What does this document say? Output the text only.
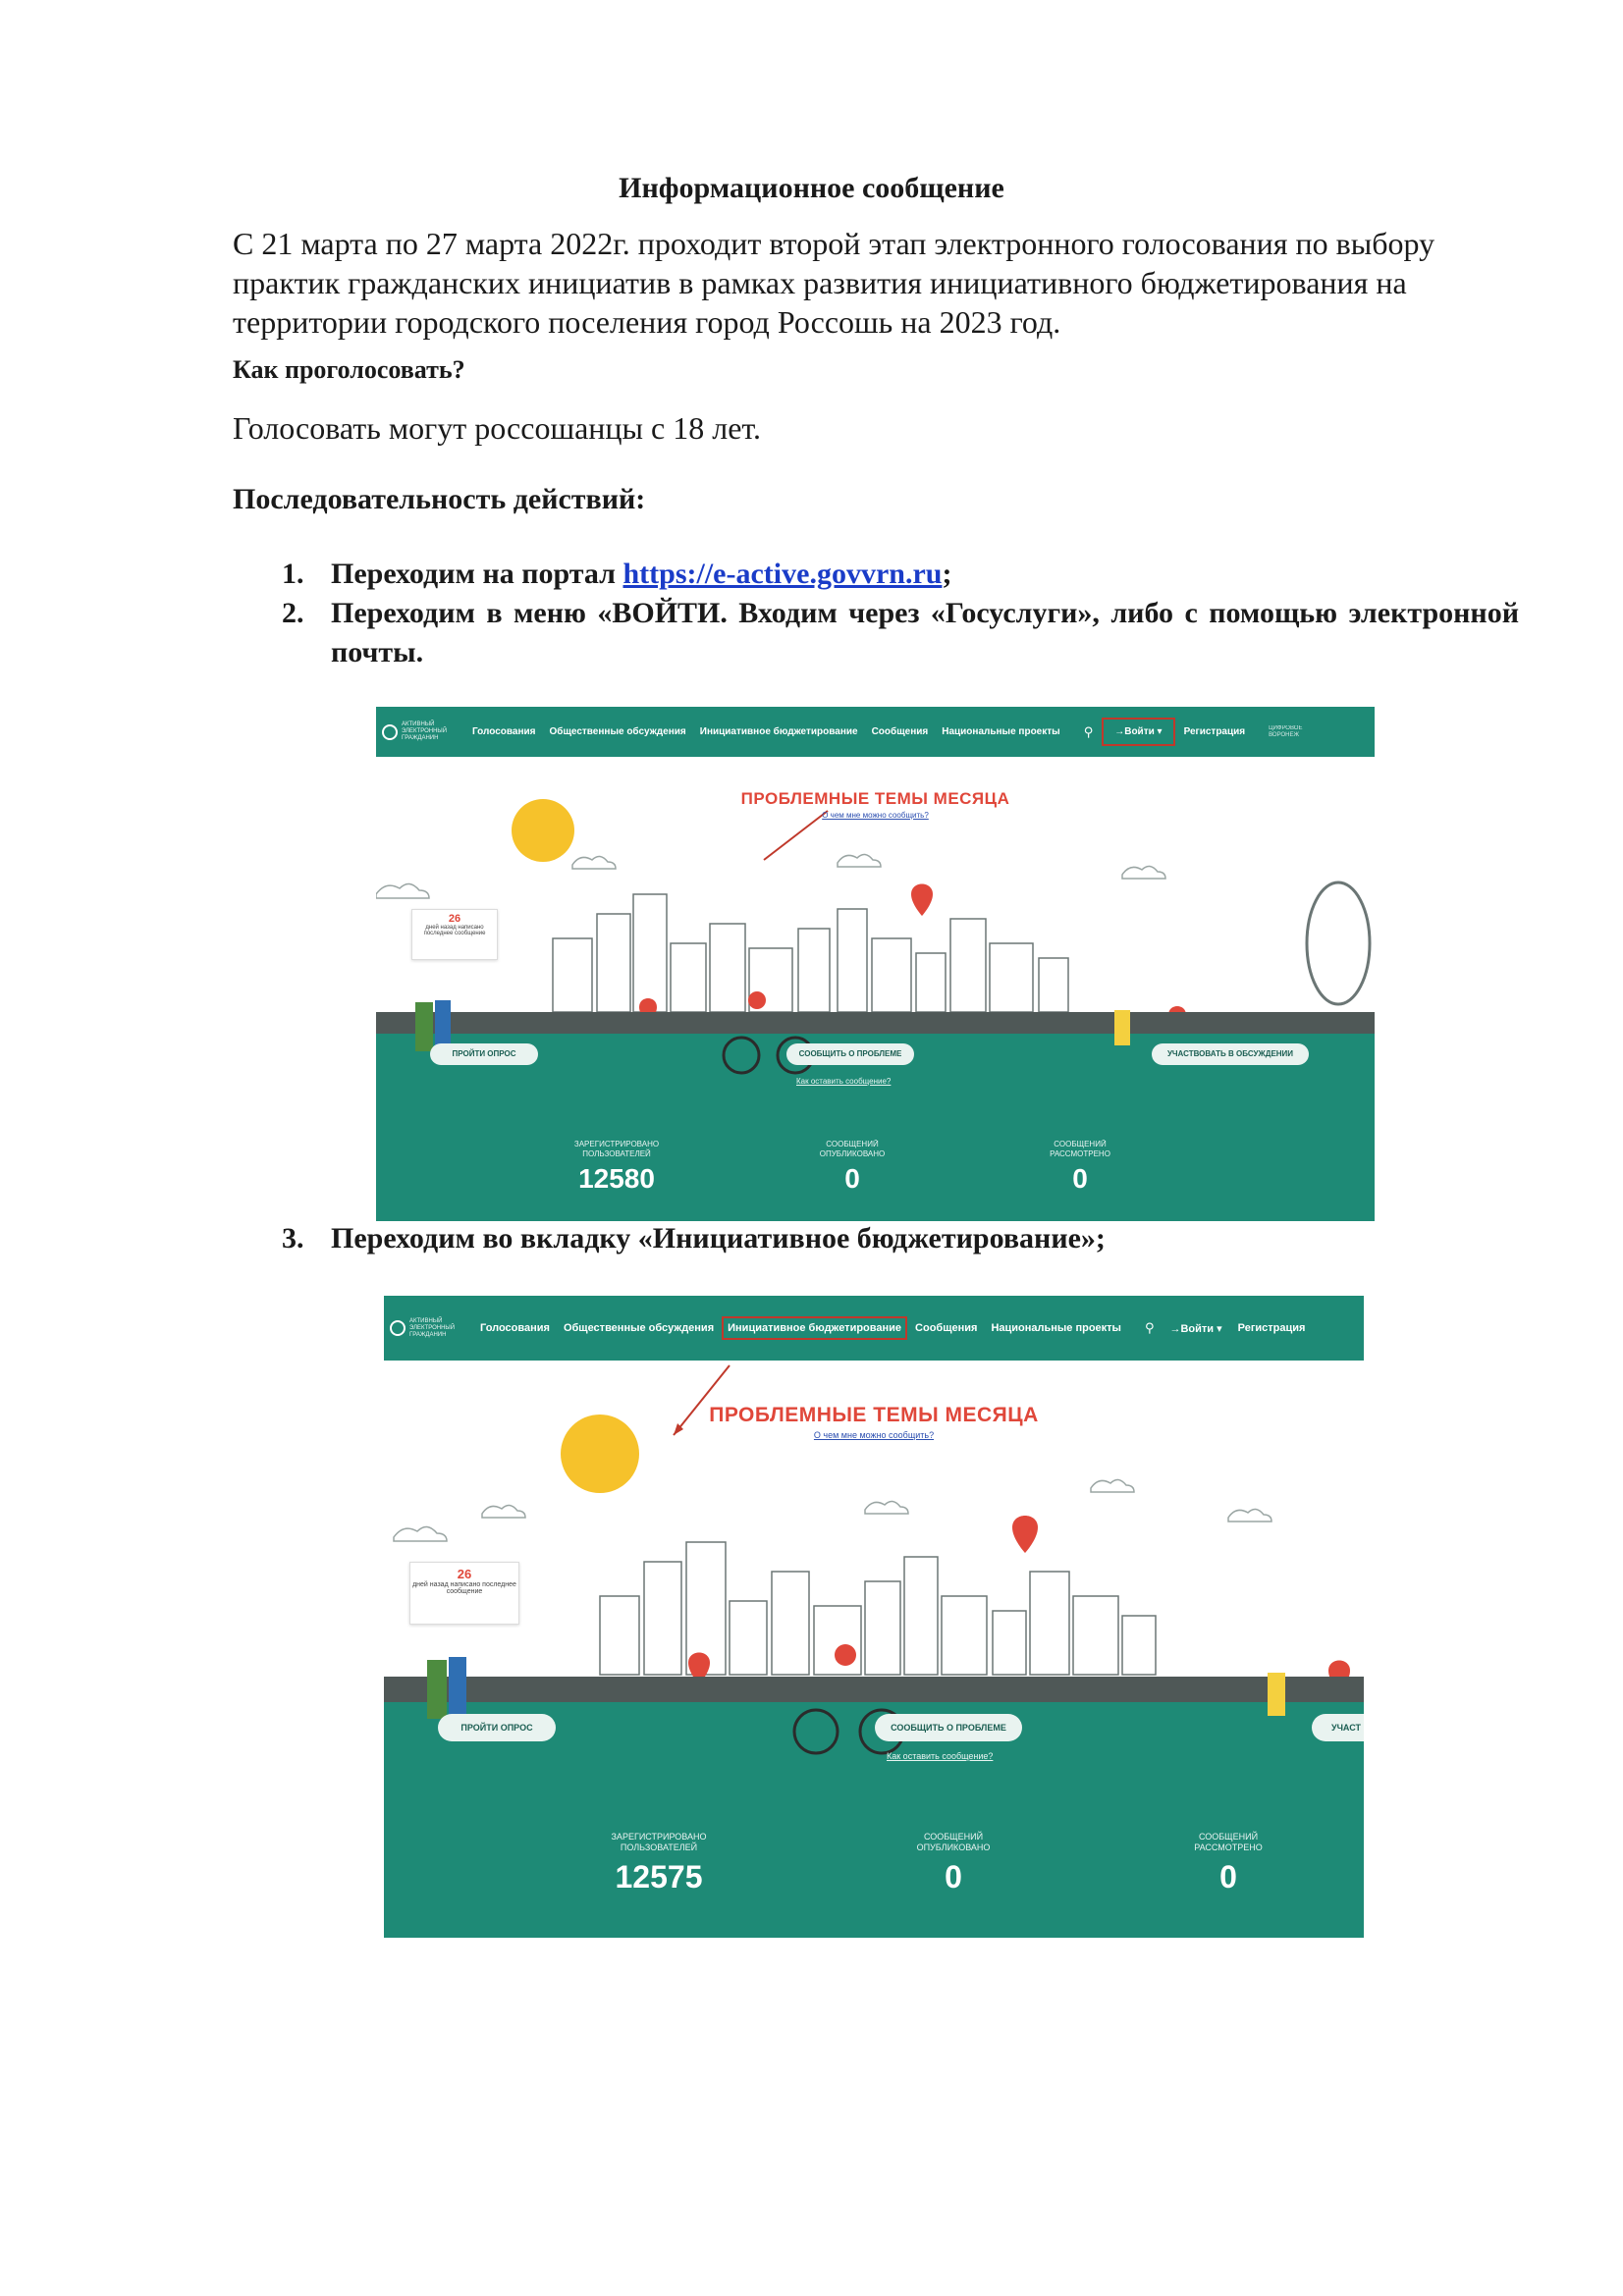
Информационное сообщение
С 21 марта по 27 марта 2022г. проходит второй этап электронного голосования по выбору практик гражданских инициатив в рамках развития инициативного бюджетирования на территории городского поселения город Россошь на 2023 год.
Как проголосовать?
Голосовать могут россошанцы с 18 лет.
Последовательность действий:
1. Переходим на портал https://e-active.govvrn.ru;
2. Переходим в меню «ВОЙТИ. Входим через «Госуслуги», либо с помощью электронной почты.
АКТИВНЫЙ ЭЛЕКТРОННЫЙ ГРАЖДАНИН
Голосования Общественные обсуждения Инициативное бюджетирование Сообщения Национальные проекты ⚲	→Войти ▾	Регистрация	ЦИФРОВОЕ ВОРОНЕЖ
ПРОБЛЕМНЫЕ ТЕМЫ МЕСЯЦА
О чем мне можно сообщить?
26
дней назад написано последнее сообщение
ПРОЙТИ ОПРОС	СООБЩИТЬ О ПРОБЛЕМЕ
Как оставить сообщение?
УЧАСТВОВАТЬ В ОБСУЖДЕНИИ
ЗАРЕГИСТРИРОВАНО ПОЛЬЗОВАТЕЛЕЙ
12580
СООБЩЕНИЙ ОПУБЛИКОВАНО
0
СООБЩЕНИЙ РАССМОТРЕНО
0
3. Переходим во вкладку «Инициативное бюджетирование»;
АКТИВНЫЙ ЭЛЕКТРОННЫЙ ГРАЖДАНИН
Голосования Общественные обсуждения Инициативное бюджетирование Сообщения Национальные проекты ⚲ →Войти ▾ Регистрация
ПРОБЛЕМНЫЕ ТЕМЫ МЕСЯЦА
О чем мне можно сообщить?
26
дней назад написано последнее сообщение
ПРОЙТИ ОПРОС	СООБЩИТЬ О ПРОБЛЕМЕ
Как оставить сообщение?
УЧАСТ
ЗАРЕГИСТРИРОВАНО ПОЛЬЗОВАТЕЛЕЙ
12575
СООБЩЕНИЙ ОПУБЛИКОВАНО
0
СООБЩЕНИЙ РАССМОТРЕНО
0
